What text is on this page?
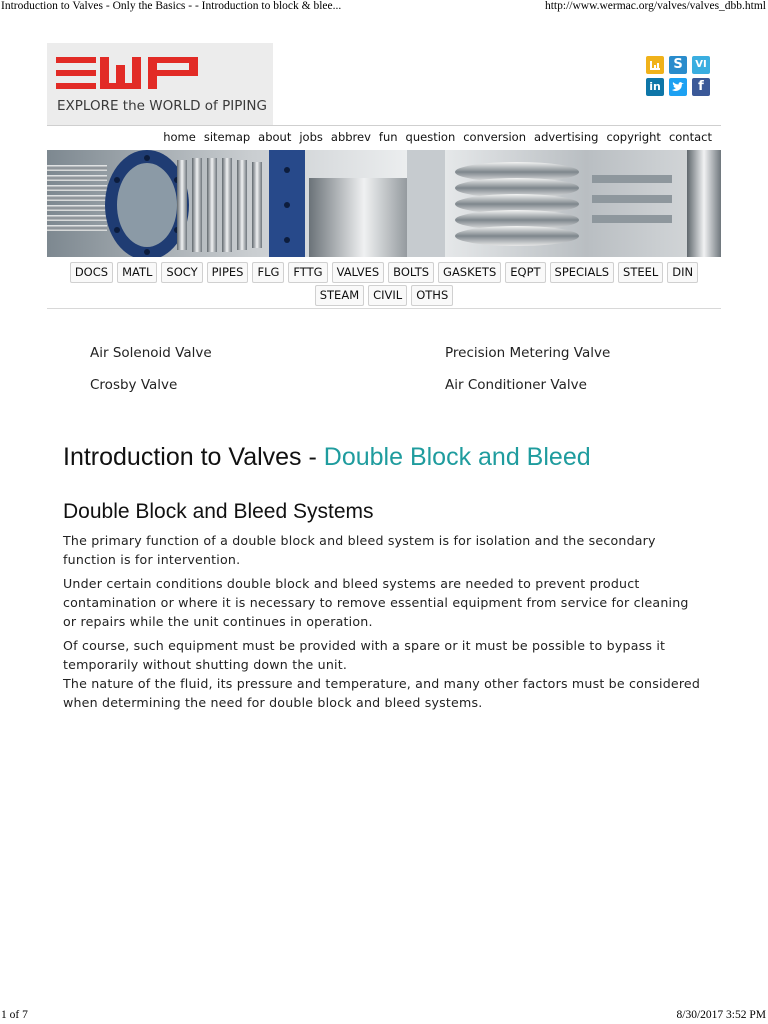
Introduction to Valves - Only the Basics - - Introduction to block & blee...	http://www.wermac.org/valves/valves_dbb.html
EXPLORE the WORLD of PIPING
S	VI
in	f
home sitemap about jobs abbrev fun question conversion advertising copyright contact
DOCS MATL SOCY PIPES FLG FTTG VALVES BOLTS GASKETS EQPT SPECIALS STEEL DIN
STEAM CIVIL OTHS
Air Solenoid Valve	Precision Metering Valve
Crosby Valve	Air Conditioner Valve
Introduction to Valves - Double Block and Bleed
Double Block and Bleed Systems
The primary function of a double block and bleed system is for isolation and the secondary function is for intervention.
Under certain conditions double block and bleed systems are needed to prevent product contamination or where it is necessary to remove essential equipment from service for cleaning or repairs while the unit continues in operation.
Of course, such equipment must be provided with a spare or it must be possible to bypass it temporarily without shutting down the unit.
The nature of the fluid, its pressure and temperature, and many other factors must be considered when determining the need for double block and bleed systems.
1 of 7	8/30/2017 3:52 PM
